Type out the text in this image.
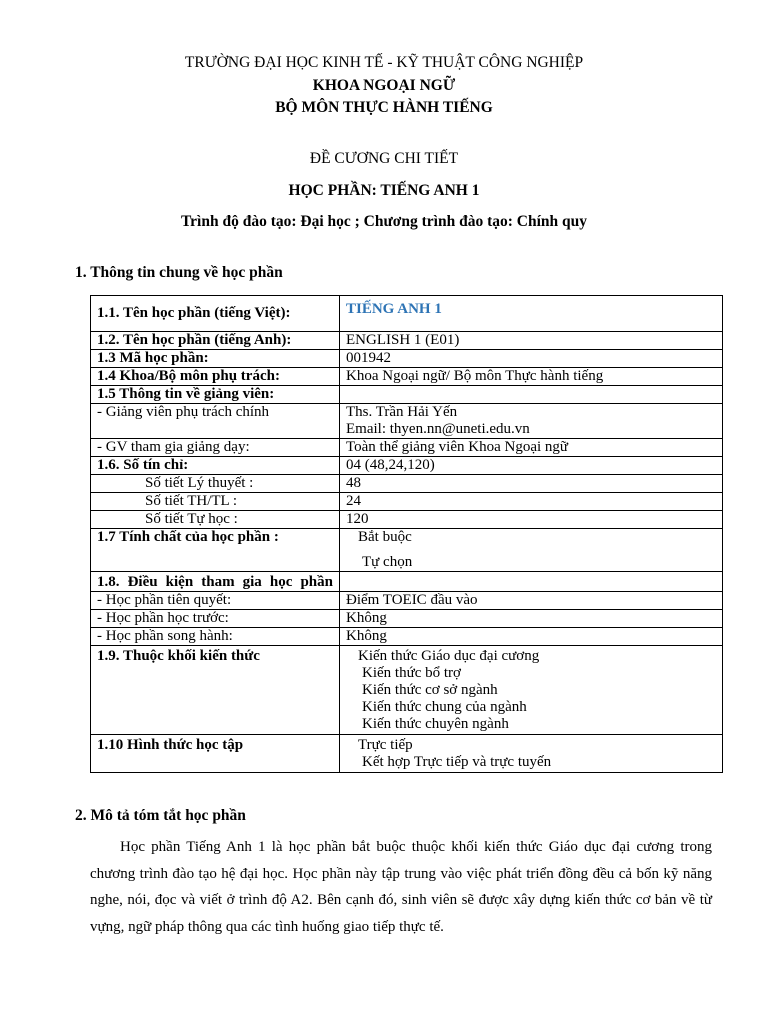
TRƯỜNG ĐẠI HỌC KINH TẾ - KỸ THUẬT CÔNG NGHIỆP
KHOA NGOẠI NGỮ
BỘ MÔN THỰC HÀNH TIẾNG
ĐỀ CƯƠNG CHI TIẾT
HỌC PHẦN: TIẾNG ANH 1
Trình độ đào tạo: Đại học ; Chương trình đào tạo: Chính quy
1. Thông tin chung về học phần
1.1. Tên học phần (tiếng Việt):	TIẾNG ANH 1

1.2. Tên học phần (tiếng Anh):	ENGLISH 1 (E01)
1.3 Mã học phần:	001942
1.4 Khoa/Bộ môn phụ trách:	Khoa Ngoại ngữ/ Bộ môn Thực hành tiếng
1.5 Thông tin về giảng viên:	
- Giảng viên phụ trách chính	Ths. Trần Hải Yến
Email: thyen.nn@uneti.edu.vn

- GV tham gia giảng dạy:	Toàn thể giảng viên Khoa Ngoại ngữ
1.6. Số tín chỉ:	04 (48,24,120)
Số tiết Lý thuyết :	48
Số tiết TH/TL :	24
Số tiết Tự học :	120
1.7 Tính chất của học phần :	Bắt buộc
Tự chọn

1.8. Điều kiện tham gia học phần	

- Học phần tiên quyết:	Điểm TOEIC đầu vào
- Học phần học trước:	Không
- Học phần song hành:	Không
1.9. Thuộc khối kiến thức	Kiến thức Giáo dục đại cương
Kiến thức bổ trợ
Kiến thức cơ sở ngành
Kiến thức chung của ngành
Kiến thức chuyên ngành

1.10 Hình thức học tập	Trực tiếp
Kết hợp Trực tiếp và trực tuyến
2. Mô tả tóm tắt học phần
Học phần Tiếng Anh 1 là học phần bắt buộc thuộc khối kiến thức Giáo dục đại cương trong chương trình đào tạo hệ đại học. Học phần này tập trung vào việc phát triển đồng đều cả bốn kỹ năng nghe, nói, đọc và viết ở trình độ A2. Bên cạnh đó, sinh viên sẽ được xây dựng kiến thức cơ bản về từ vựng, ngữ pháp thông qua các tình huống giao tiếp thực tế.
